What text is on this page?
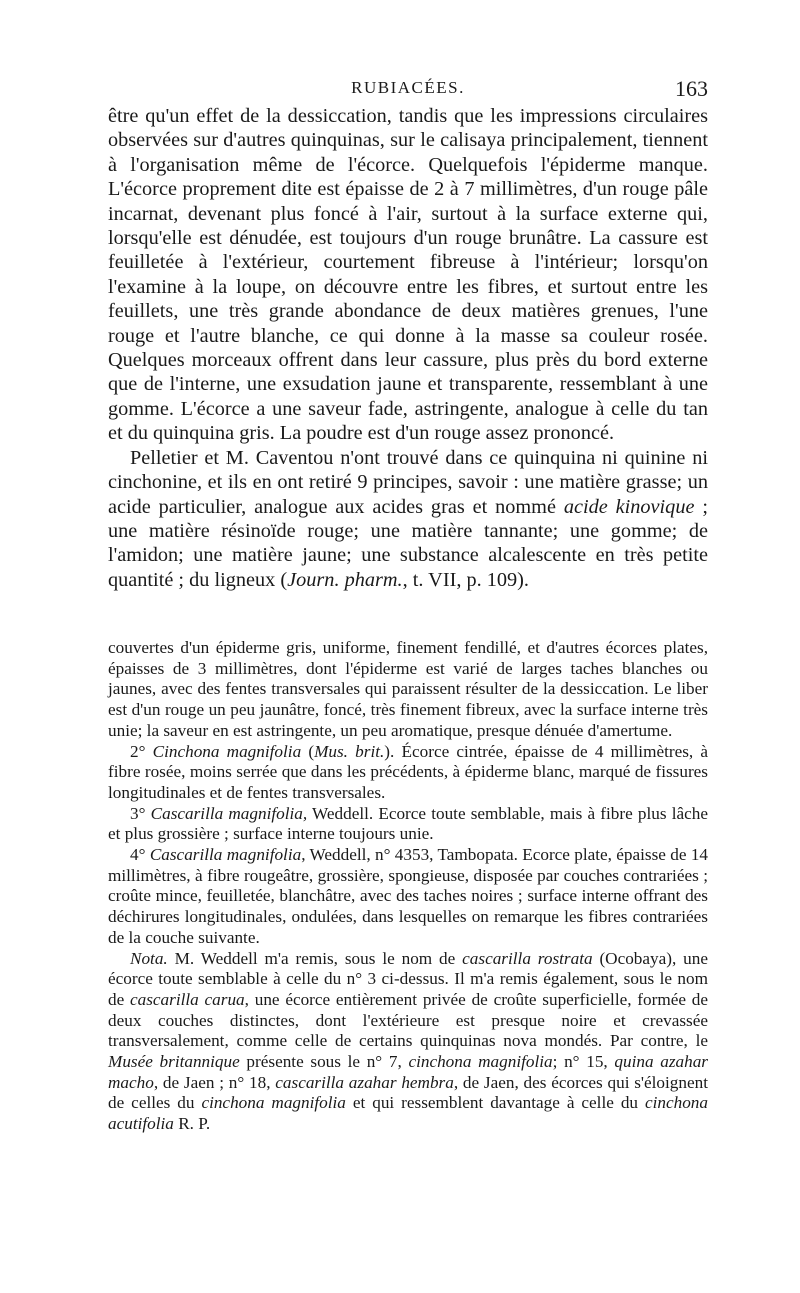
RUBIACÉES.	163

être qu'un effet de la dessiccation, tandis que les impressions circulaires observées sur d'autres quinquinas, sur le calisaya principalement, tiennent à l'organisation même de l'écorce. Quelquefois l'épiderme manque. L'écorce proprement dite est épaisse de 2 à 7 millimètres, d'un rouge pâle incarnat, devenant plus foncé à l'air, surtout à la surface externe qui, lorsqu'elle est dénudée, est toujours d'un rouge brunâtre. La cassure est feuilletée à l'extérieur, courtement fibreuse à l'intérieur; lorsqu'on l'examine à la loupe, on découvre entre les fibres, et surtout entre les feuillets, une très grande abondance de deux matières grenues, l'une rouge et l'autre blanche, ce qui donne à la masse sa couleur rosée. Quelques morceaux offrent dans leur cassure, plus près du bord externe que de l'interne, une exsudation jaune et transparente, ressemblant à une gomme. L'écorce a une saveur fade, astringente, analogue à celle du tan et du quinquina gris. La poudre est d'un rouge assez prononcé.

Pelletier et M. Caventou n'ont trouvé dans ce quinquina ni quinine ni cinchonine, et ils en ont retiré 9 principes, savoir : une matière grasse; un acide particulier, analogue aux acides gras et nommé acide kinovique ; une matière résinoïde rouge; une matière tannante; une gomme; de l'amidon; une matière jaune; une substance alcalescente en très petite quantité ; du ligneux (Journ. pharm., t. VII, p. 109).

couvertes d'un épiderme gris, uniforme, finement fendillé, et d'autres écorces plates, épaisses de 3 millimètres, dont l'épiderme est varié de larges taches blanches ou jaunes, avec des fentes transversales qui paraissent résulter de la dessiccation. Le liber est d'un rouge un peu jaunâtre, foncé, très finement fibreux, avec la surface interne très unie; la saveur en est astringente, un peu aromatique, presque dénuée d'amertume.

2° Cinchona magnifolia (Mus. brit.). Écorce cintrée, épaisse de 4 millimètres, à fibre rosée, moins serrée que dans les précédents, à épiderme blanc, marqué de fissures longitudinales et de fentes transversales.

3° Cascarilla magnifolia, Weddell. Ecorce toute semblable, mais à fibre plus lâche et plus grossière ; surface interne toujours unie.

4° Cascarilla magnifolia, Weddell, n° 4353, Tambopata. Ecorce plate, épaisse de 14 millimètres, à fibre rougeâtre, grossière, spongieuse, disposée par couches contrariées ; croûte mince, feuilletée, blanchâtre, avec des taches noires ; surface interne offrant des déchirures longitudinales, ondulées, dans lesquelles on remarque les fibres contrariées de la couche suivante.

Nota. M. Weddell m'a remis, sous le nom de cascarilla rostrata (Ocobaya), une écorce toute semblable à celle du n° 3 ci-dessus. Il m'a remis également, sous le nom de cascarilla carua, une écorce entièrement privée de croûte superficielle, formée de deux couches distinctes, dont l'extérieure est presque noire et crevassée transversalement, comme celle de certains quinquinas nova mondés. Par contre, le Musée britannique présente sous le n° 7, cinchona magnifolia; n° 15, quina azahar macho, de Jaen ; n° 18, cascarilla azahar hembra, de Jaen, des écorces qui s'éloignent de celles du cinchona magnifolia et qui ressemblent davantage à celle du cinchona acutifolia R. P.
